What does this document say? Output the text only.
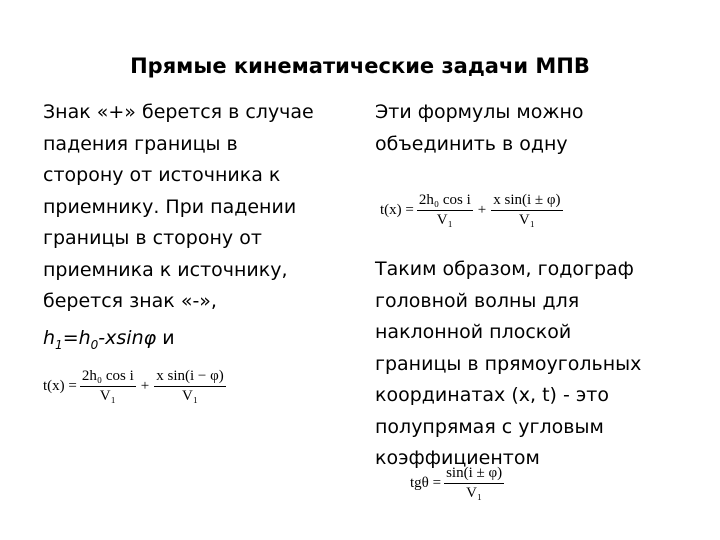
Прямые кинематические задачи МПВ
Знак «+» берется в случае
падения границы в
сторону от источника к
приемнику. При падении
границы в сторону от
приемника к источнику,
берется знак «-»,
$h_1=h_0$-xsinφ и
$t(x) = \frac{\text{2h₀ cos i}}{\text{V₁}} + \frac{\text{x sin(i − φ)}}{\text{V₁}}$
Эти формулы можно
объединить в одну
Таким образом, годограф
головной волны для
наклонной плоской
границы в прямоугольных
координатах (x, t) - это
полупрямая с угловым
коэффициентом
$t(x) = \frac{\text{2h₀ cos i}}{\text{V₁}} + \frac{\text{x sin(i ± φ)}}{\text{V₁}}$
$tg\theta = \frac{\sin(i \pm \varphi)}{\text{V₁}}$
